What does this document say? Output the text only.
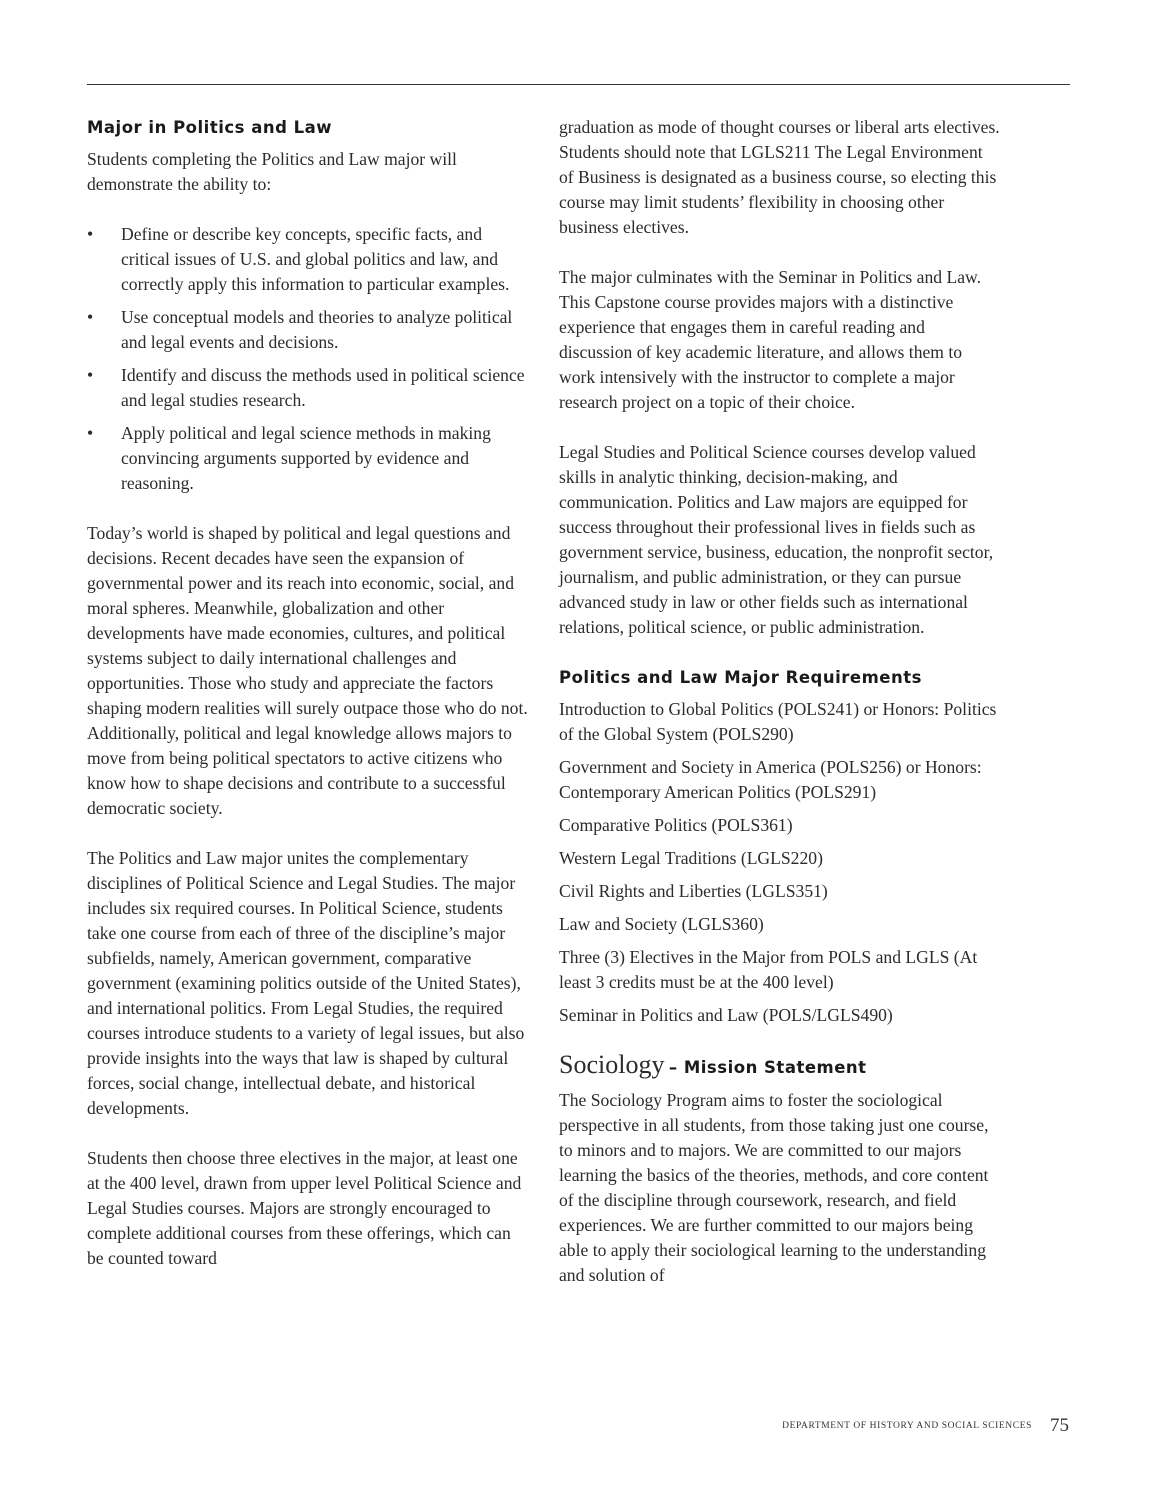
Major in Politics and Law

Students completing the Politics and Law major will demonstrate the ability to:

• Define or describe key concepts, specific facts, and critical issues of U.S. and global politics and law, and correctly apply this information to particular examples.
• Use conceptual models and theories to analyze political and legal events and decisions.
• Identify and discuss the methods used in political science and legal studies research.
• Apply political and legal science methods in making convincing arguments supported by evidence and reasoning.

Today’s world is shaped by political and legal questions and decisions. Recent decades have seen the expansion of governmental power and its reach into economic, social, and moral spheres. Meanwhile, globalization and other developments have made economies, cultures, and political systems subject to daily international challenges and opportunities. Those who study and appreciate the factors shaping modern realities will surely outpace those who do not. Additionally, political and legal knowledge allows majors to move from being political spectators to active citizens who know how to shape decisions and contribute to a successful democratic society.

The Politics and Law major unites the complementary disciplines of Political Science and Legal Studies. The major includes six required courses. In Political Science, students take one course from each of three of the discipline’s major subfields, namely, American government, comparative government (examining politics outside of the United States), and international politics. From Legal Studies, the required courses introduce students to a variety of legal issues, but also provide insights into the ways that law is shaped by cultural forces, social change, intellectual debate, and historical developments.

Students then choose three electives in the major, at least one at the 400 level, drawn from upper level Political Science and Legal Studies courses. Majors are strongly encouraged to complete additional courses from these offerings, which can be counted toward

graduation as mode of thought courses or liberal arts electives. Students should note that LGLS211 The Legal Environment of Business is designated as a business course, so electing this course may limit students’ flexibility in choosing other business electives.

The major culminates with the Seminar in Politics and Law. This Capstone course provides majors with a distinctive experience that engages them in careful reading and discussion of key academic literature, and allows them to work intensively with the instructor to complete a major research project on a topic of their choice.

Legal Studies and Political Science courses develop valued skills in analytic thinking, decision-making, and communication. Politics and Law majors are equipped for success throughout their professional lives in fields such as government service, business, education, the nonprofit sector, journalism, and public administration, or they can pursue advanced study in law or other fields such as international relations, political science, or public administration.

Politics and Law Major Requirements

Introduction to Global Politics (POLS241) or Honors: Politics of the Global System (POLS290)

Government and Society in America (POLS256) or Honors: Contemporary American Politics (POLS291)

Comparative Politics (POLS361)

Western Legal Traditions (LGLS220)

Civil Rights and Liberties (LGLS351)

Law and Society (LGLS360)

Three (3) Electives in the Major from POLS and LGLS (At least 3 credits must be at the 400 level)

Seminar in Politics and Law (POLS/LGLS490)

Sociology – Mission Statement

The Sociology Program aims to foster the sociological perspective in all students, from those taking just one course, to minors and to majors. We are committed to our majors learning the basics of the theories, methods, and core content of the discipline through coursework, research, and field experiences. We are further committed to our majors being able to apply their sociological learning to the understanding and solution of

DEPARTMENT OF HISTORY AND SOCIAL SCIENCES 75
